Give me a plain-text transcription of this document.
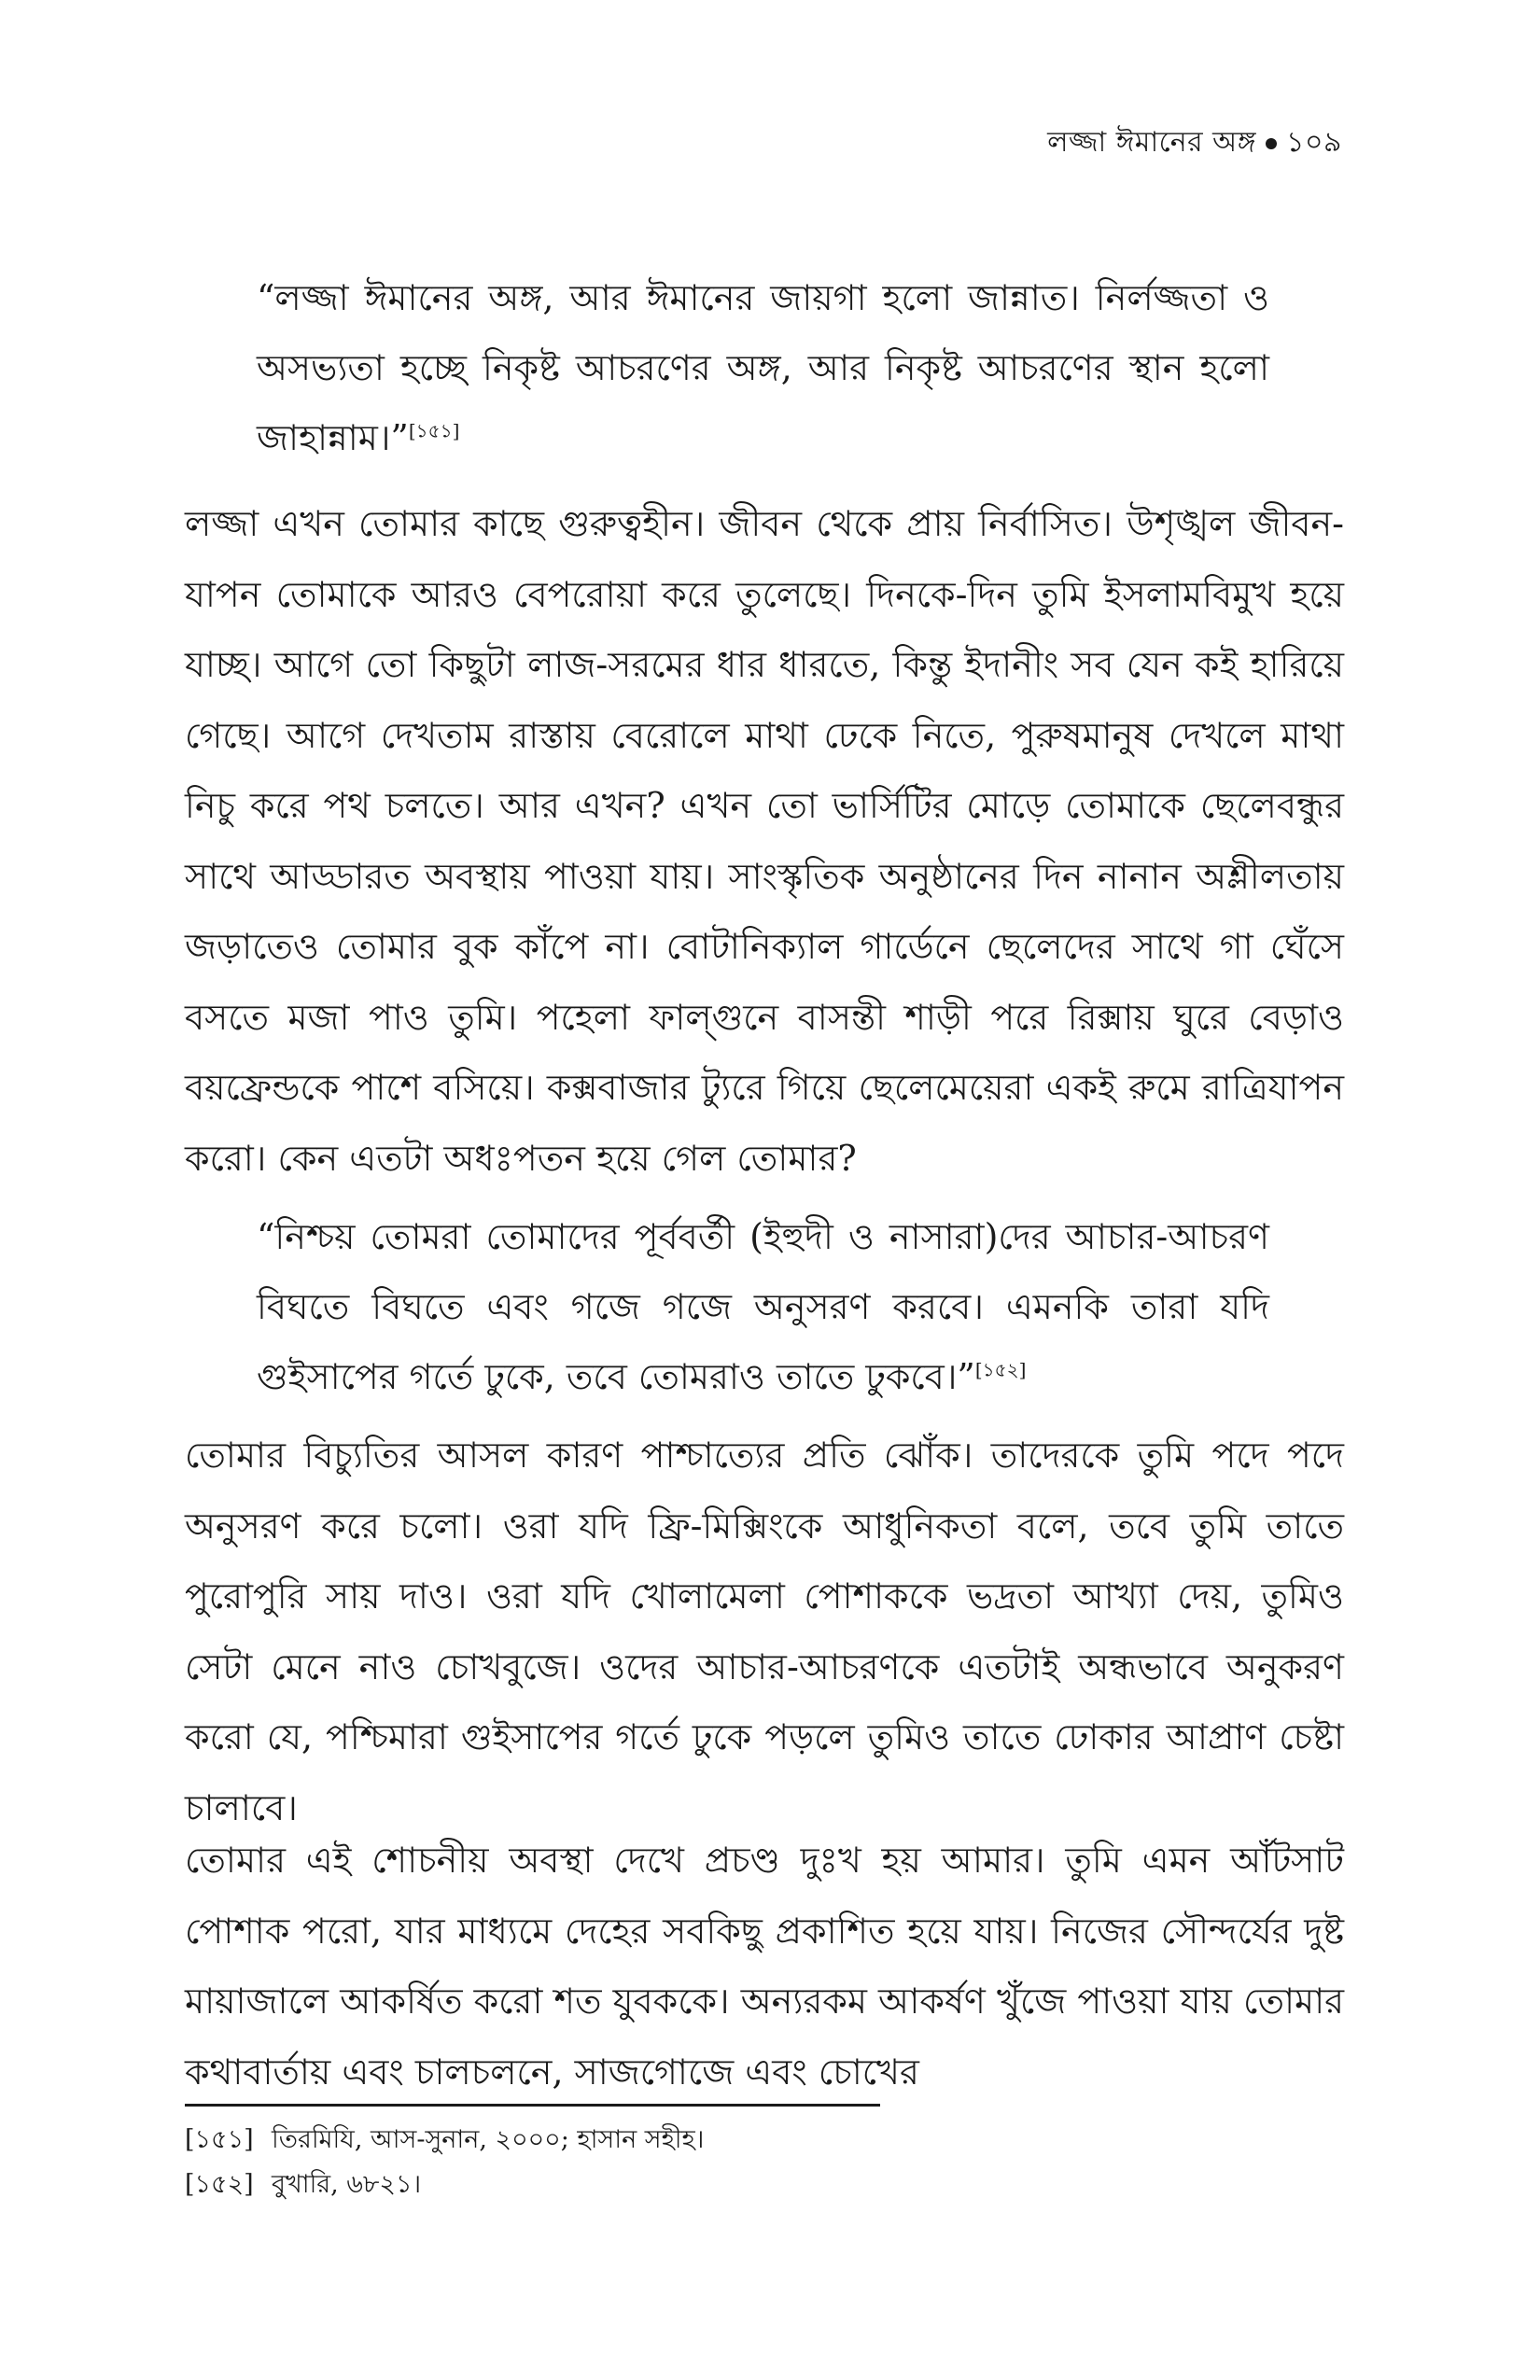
লজ্জা ঈমানের অঙ্গ ১০৯

“লজ্জা ঈমানের অঙ্গ, আর ঈমানের জায়গা হলো জান্নাত। নির্লজ্জতা ও অসভ্যতা হচ্ছে নিকৃষ্ট আচরণের অঙ্গ, আর নিকৃষ্ট আচরণের স্থান হলো জাহান্নাম।”[১৫১]

লজ্জা এখন তোমার কাছে গুরুত্বহীন। জীবন থেকে প্রায় নির্বাসিত। উশৃঙ্খল জীবন-যাপন তোমাকে আরও বেপরোয়া করে তুলেছে। দিনকে-দিন তুমি ইসলামবিমুখ হয়ে যাচ্ছ। আগে তো কিছুটা লাজ-সরমের ধার ধারতে, কিন্তু ইদানীং সব যেন কই হারিয়ে গেছে। আগে দেখতাম রাস্তায় বেরোলে মাথা ঢেকে নিতে, পুরুষমানুষ দেখলে মাথা নিচু করে পথ চলতে। আর এখন? এখন তো ভার্সিটির মোড়ে তোমাকে ছেলেবন্ধুর সাথে আড্ডারত অবস্থায় পাওয়া যায়। সাংস্কৃতিক অনুষ্ঠানের দিন নানান অশ্লীলতায় জড়াতেও তোমার বুক কাঁপে না। বোটানিক্যাল গার্ডেনে ছেলেদের সাথে গা ঘেঁসে বসতে মজা পাও তুমি। পহেলা ফাল্গুনে বাসন্তী শাড়ী পরে রিক্সায় ঘুরে বেড়াও বয়ফ্রেন্ডকে পাশে বসিয়ে। কক্সবাজার ট্যুরে গিয়ে ছেলেমেয়েরা একই রুমে রাত্রিযাপন করো। কেন এতটা অধঃপতন হয়ে গেল তোমার?

“নিশ্চয় তোমরা তোমাদের পূর্ববর্তী (ইহুদী ও নাসারা)দের আচার-আচরণ বিঘতে বিঘতে এবং গজে গজে অনুসরণ করবে। এমনকি তারা যদি গুইসাপের গর্তে ঢুকে, তবে তোমরাও তাতে ঢুকবে।”[১৫২]

তোমার বিচ্যুতির আসল কারণ পাশ্চাত্যের প্রতি ঝোঁক। তাদেরকে তুমি পদে পদে অনুসরণ করে চলো। ওরা যদি ফ্রি-মিক্সিংকে আধুনিকতা বলে, তবে তুমি তাতে পুরোপুরি সায় দাও। ওরা যদি খোলামেলা পোশাককে ভদ্রতা আখ্যা দেয়, তুমিও সেটা মেনে নাও চোখবুজে। ওদের আচার-আচরণকে এতটাই অন্ধভাবে অনুকরণ করো যে, পশ্চিমারা গুইসাপের গর্তে ঢুকে পড়লে তুমিও তাতে ঢোকার আপ্রাণ চেষ্টা চালাবে।

তোমার এই শোচনীয় অবস্থা দেখে প্রচণ্ড দুঃখ হয় আমার। তুমি এমন আঁটসাট পোশাক পরো, যার মাধ্যমে দেহের সবকিছু প্রকাশিত হয়ে যায়। নিজের সৌন্দর্যের দুষ্ট মায়াজালে আকর্ষিত করো শত যুবককে। অন্যরকম আকর্ষণ খুঁজে পাওয়া যায় তোমার কথাবার্তায় এবং চালচলনে, সাজগোজে এবং চোখের

[১৫১] তিরমিযি, আস-সুনান, ২০০০; হাসান সহীহ।
[১৫২] বুখারি, ৬৮২১।
